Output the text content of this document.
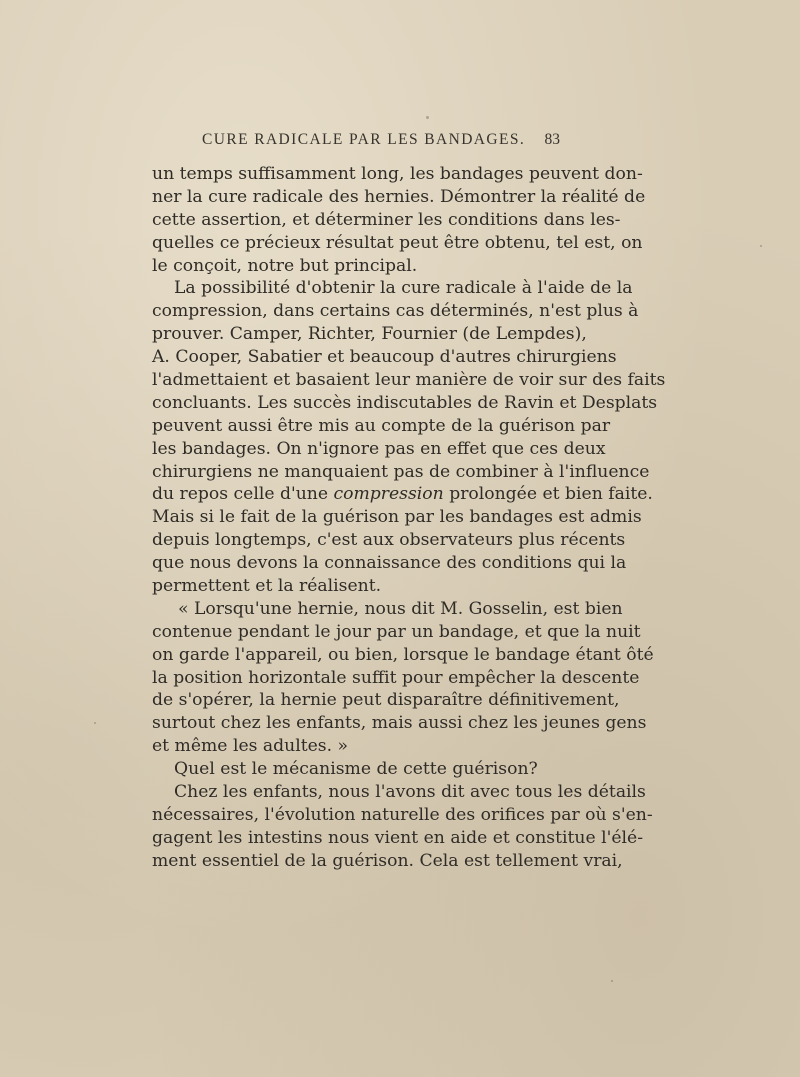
CURE RADICALE PAR LES BANDAGES. 83
un temps suffisamment long, les bandages peuvent don-
ner la cure radicale des hernies. Démontrer la réalité de
cette assertion, et déterminer les conditions dans les-
quelles ce précieux résultat peut être obtenu, tel est, on
le conçoit, notre but principal.
La possibilité d'obtenir la cure radicale à l'aide de la
compression, dans certains cas déterminés, n'est plus à
prouver. Camper, Richter, Fournier (de Lempdes),
A. Cooper, Sabatier et beaucoup d'autres chirurgiens
l'admettaient et basaient leur manière de voir sur des faits
concluants. Les succès indiscutables de Ravin et Desplats
peuvent aussi être mis au compte de la guérison par
les bandages. On n'ignore pas en effet que ces deux
chirurgiens ne manquaient pas de combiner à l'influence
du repos celle d'une compression prolongée et bien faite.
Mais si le fait de la guérison par les bandages est admis
depuis longtemps, c'est aux observateurs plus récents
que nous devons la connaissance des conditions qui la
permettent et la réalisent.
« Lorsqu'une hernie, nous dit M. Gosselin, est bien
contenue pendant le jour par un bandage, et que la nuit
on garde l'appareil, ou bien, lorsque le bandage étant ôté
la position horizontale suffit pour empêcher la descente
de s'opérer, la hernie peut disparaître définitivement,
surtout chez les enfants, mais aussi chez les jeunes gens
et même les adultes. »
Quel est le mécanisme de cette guérison?
Chez les enfants, nous l'avons dit avec tous les détails
nécessaires, l'évolution naturelle des orifices par où s'en-
gagent les intestins nous vient en aide et constitue l'élé-
ment essentiel de la guérison. Cela est tellement vrai,
